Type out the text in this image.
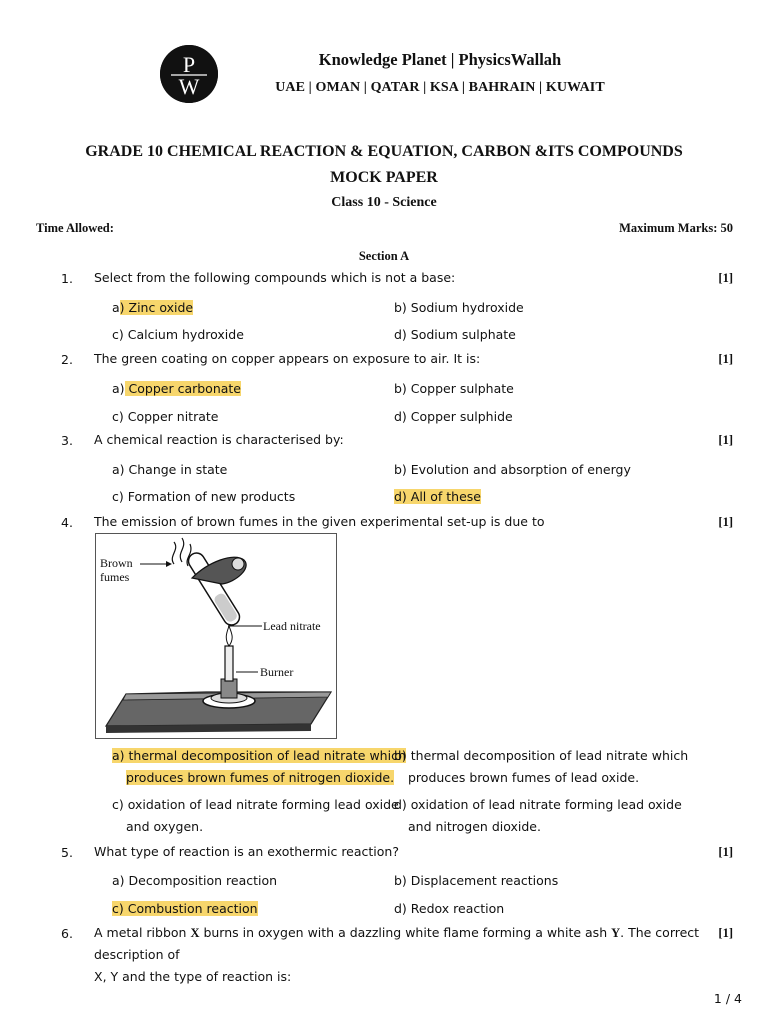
P
W
Knowledge Planet | PhysicsWallah
UAE | OMAN | QATAR | KSA | BAHRAIN | KUWAIT
GRADE 10 CHEMICAL REACTION & EQUATION, CARBON &ITS COMPOUNDS
MOCK PAPER
Class 10 - Science
Time Allowed:	Maximum Marks: 50
Section A
1. Select from the following compounds which is not a base:	[1]
a) Zinc oxide	b) Sodium hydroxide
c) Calcium hydroxide	d) Sodium sulphate
2. The green coating on copper appears on exposure to air. It is:	[1]
a) Copper carbonate	b) Copper sulphate
c) Copper nitrate	d) Copper sulphide
3. A chemical reaction is characterised by:	[1]
a) Change in state	b) Evolution and absorption of energy
c) Formation of new products	d) All of these
4. The emission of brown fumes in the given experimental set-up is due to	[1]
Brown
fumes
Lead nitrate
Burner
a) thermal decomposition of lead nitrate which
produces brown fumes of nitrogen dioxide.
b) thermal decomposition of lead nitrate which
produces brown fumes of lead oxide.
c) oxidation of lead nitrate forming lead oxide
and oxygen.
d) oxidation of lead nitrate forming lead oxide
and nitrogen dioxide.
5. What type of reaction is an exothermic reaction?	[1]
a) Decomposition reaction	b) Displacement reactions
c) Combustion reaction	d) Redox reaction
6. A metal ribbon X burns in oxygen with a dazzling white flame forming a white ash Y. The correct description of
X, Y and the type of reaction is:
[1]
1 / 4
